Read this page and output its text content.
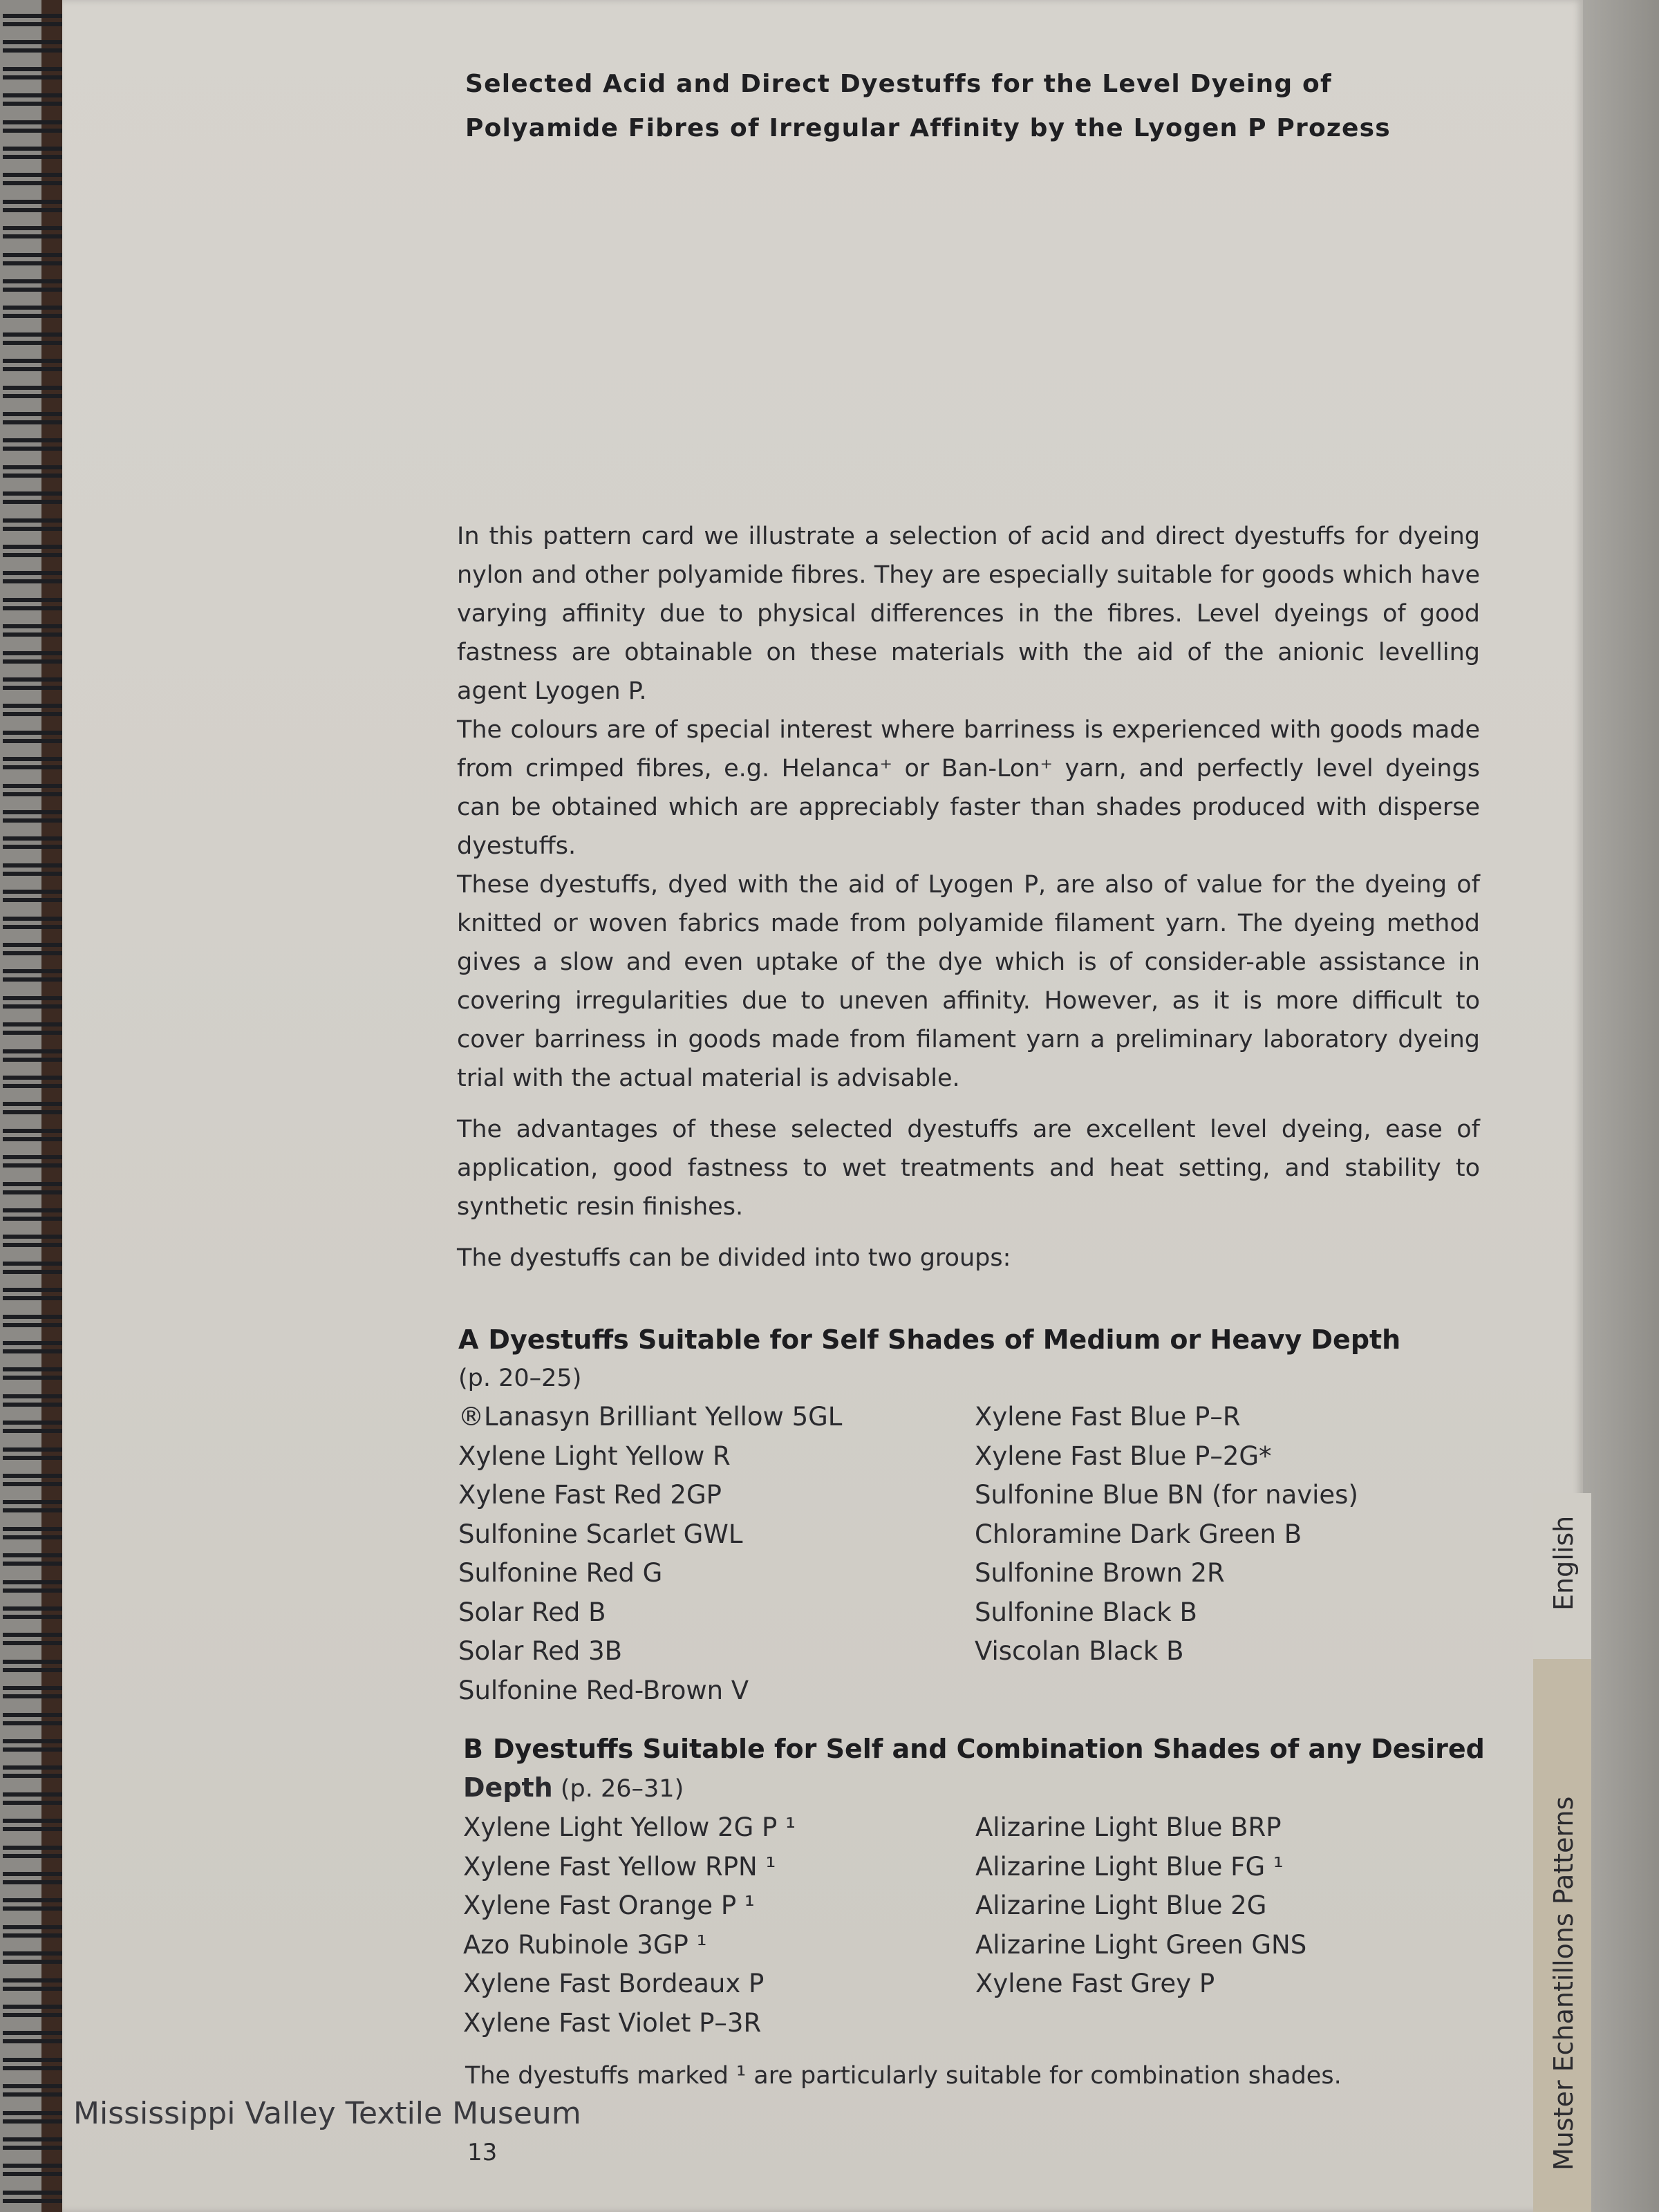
English
Muster Echantillons Patterns
Selected Acid and Direct Dyestuffs for the Level Dyeing of
Polyamide Fibres of Irregular Affinity by the Lyogen P Prozess

In this pattern card we illustrate a selection of acid and direct dyestuffs for dyeing nylon and other polyamide fibres. They are especially suitable for goods which have varying affinity due to physical differences in the fibres. Level dyeings of good fastness are obtainable on these materials with the aid of the anionic levelling agent Lyogen P.

The colours are of special interest where barriness is experienced with goods made from crimped fibres, e.g. Helanca⁺ or Ban-Lon⁺ yarn, and perfectly level dyeings can be obtained which are appreciably faster than shades produced with disperse dyestuffs.

These dyestuffs, dyed with the aid of Lyogen P, are also of value for the dyeing of knitted or woven fabrics made from polyamide filament yarn. The dyeing method gives a slow and even uptake of the dye which is of consider-able assistance in covering irregularities due to uneven affinity. However, as it is more difficult to cover barriness in goods made from filament yarn a preliminary laboratory dyeing trial with the actual material is advisable.

The advantages of these selected dyestuffs are excellent level dyeing, ease of application, good fastness to wet treatments and heat setting, and stability to synthetic resin finishes.

The dyestuffs can be divided into two groups:

A Dyestuffs Suitable for Self Shades of Medium or Heavy Depth
(p. 20–25)
®Lanasyn Brilliant Yellow 5GL
Xylene Light Yellow R
Xylene Fast Red 2GP
Sulfonine Scarlet GWL
Sulfonine Red G
Solar Red B
Solar Red 3B
Sulfonine Red-Brown V
Xylene Fast Blue P–R
Xylene Fast Blue P–2G*
Sulfonine Blue BN (for navies)
Chloramine Dark Green B
Sulfonine Brown 2R
Sulfonine Black B
Viscolan Black B
B Dyestuffs Suitable for Self and Combination Shades of any Desired
Depth (p. 26–31)
Xylene Light Yellow 2G P ¹
Xylene Fast Yellow RPN ¹
Xylene Fast Orange P ¹
Azo Rubinole 3GP ¹
Xylene Fast Bordeaux P
Xylene Fast Violet P–3R
Alizarine Light Blue BRP
Alizarine Light Blue FG ¹
Alizarine Light Blue 2G
Alizarine Light Green GNS
Xylene Fast Grey P
The dyestuffs marked ¹ are particularly suitable for combination shades.
13
Mississippi Valley Textile Museum
